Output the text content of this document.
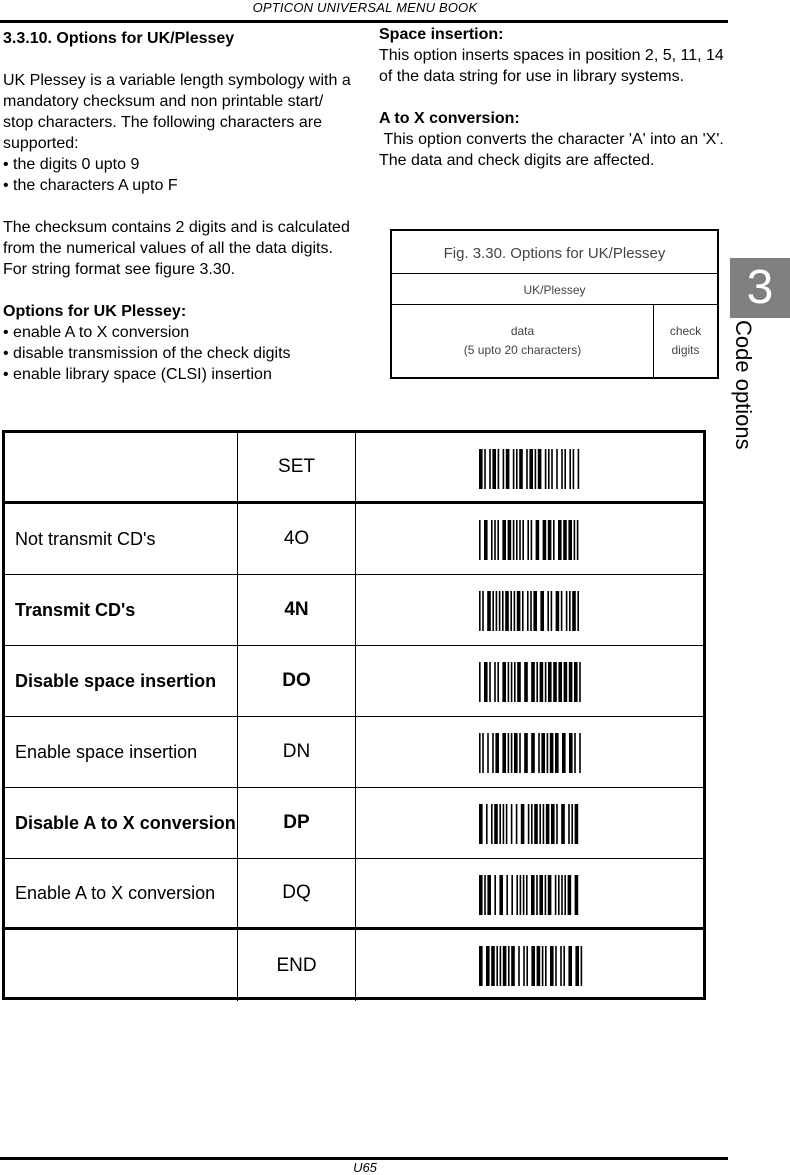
OPTICON UNIVERSAL MENU BOOK

3.3.10. Options for UK/Plessey

UK Plessey is a variable length symbology with a mandatory checksum and non printable start/ stop characters. The following characters are supported:

• the digits 0 upto 9

• the characters A upto F

The checksum contains 2 digits and is calculated from the numerical values of all the data digits. For string format see figure 3.30.

Options for UK Plessey:

• enable A to X conversion

• disable transmission of the check digits

• enable library space (CLSI) insertion

Space insertion:

This option inserts spaces in position 2, 5, 11, 14 of the data string for use in library systems.

A to X conversion:

This option converts the character 'A' into an 'X'. The data and check digits are affected.

Fig. 3.30. Options for UK/Plessey
UK/Plessey
data
(5 upto 20 characters)
check
digits
3
Code options
SET
Not transmit CD's	4O
Transmit CD's	4N
Disable space insertion	DO
Enable space insertion	DN
Disable A to X conversion	DP
Enable A to X conversion	DQ
END
U65
